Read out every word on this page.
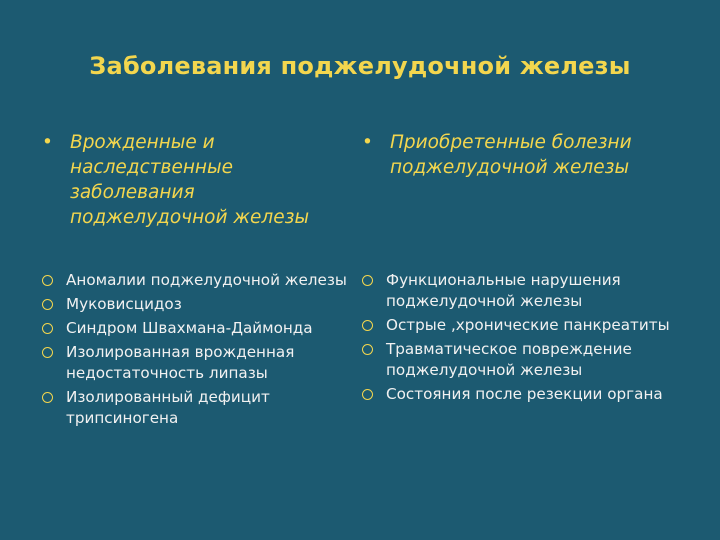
Заболевания поджелудочной железы
• Врожденные и наследственные заболевания поджелудочной железы
Аномалии поджелудочной железы
Муковисцидоз
Синдром Швахмана-Даймонда
Изолированная врожденная недостаточность липазы
Изолированный дефицит трипсиногена
• Приобретенные болезни поджелудочной железы
Функциональные нарушения поджелудочной железы
Острые ,хронические панкреатиты
Травматическое повреждение поджелудочной железы
Состояния после резекции органа
